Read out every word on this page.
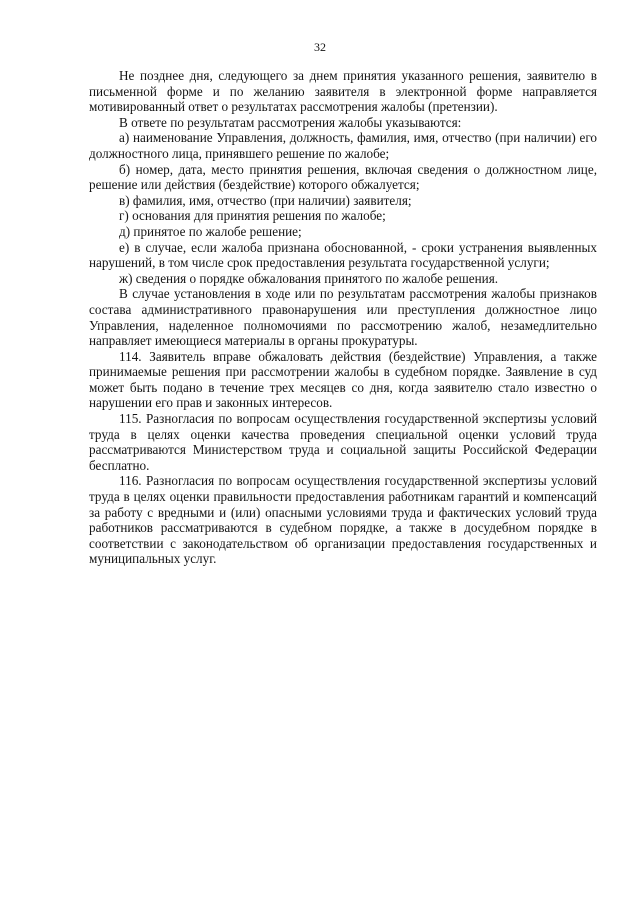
32

Не позднее дня, следующего за днем принятия указанного решения, заявителю в письменной форме и по желанию заявителя в электронной форме направляется мотивированный ответ о результатах рассмотрения жалобы (претензии).

В ответе по результатам рассмотрения жалобы указываются:

а) наименование Управления, должность, фамилия, имя, отчество (при наличии) его должностного лица, принявшего решение по жалобе;

б) номер, дата, место принятия решения, включая сведения о должностном лице, решение или действия (бездействие) которого обжалуется;

в) фамилия, имя, отчество (при наличии) заявителя;

г) основания для принятия решения по жалобе;

д) принятое по жалобе решение;

е) в случае, если жалоба признана обоснованной, - сроки устранения выявленных нарушений, в том числе срок предоставления результата государственной услуги;

ж) сведения о порядке обжалования принятого по жалобе решения.

В случае установления в ходе или по результатам рассмотрения жалобы признаков состава административного правонарушения или преступления должностное лицо Управления, наделенное полномочиями по рассмотрению жалоб, незамедлительно направляет имеющиеся материалы в органы прокуратуры.

114. Заявитель вправе обжаловать действия (бездействие) Управления, а также принимаемые решения при рассмотрении жалобы в судебном порядке. Заявление в суд может быть подано в течение трех месяцев со дня, когда заявителю стало известно о нарушении его прав и законных интересов.

115. Разногласия по вопросам осуществления государственной экспертизы условий труда в целях оценки качества проведения специальной оценки условий труда рассматриваются Министерством труда и социальной защиты Российской Федерации бесплатно.

116. Разногласия по вопросам осуществления государственной экспертизы условий труда в целях оценки правильности предоставления работникам гарантий и компенсаций за работу с вредными и (или) опасными условиями труда и фактических условий труда работников рассматриваются в судебном порядке, а также в досудебном порядке в соответствии с законодательством об организации предоставления государственных и муниципальных услуг.
